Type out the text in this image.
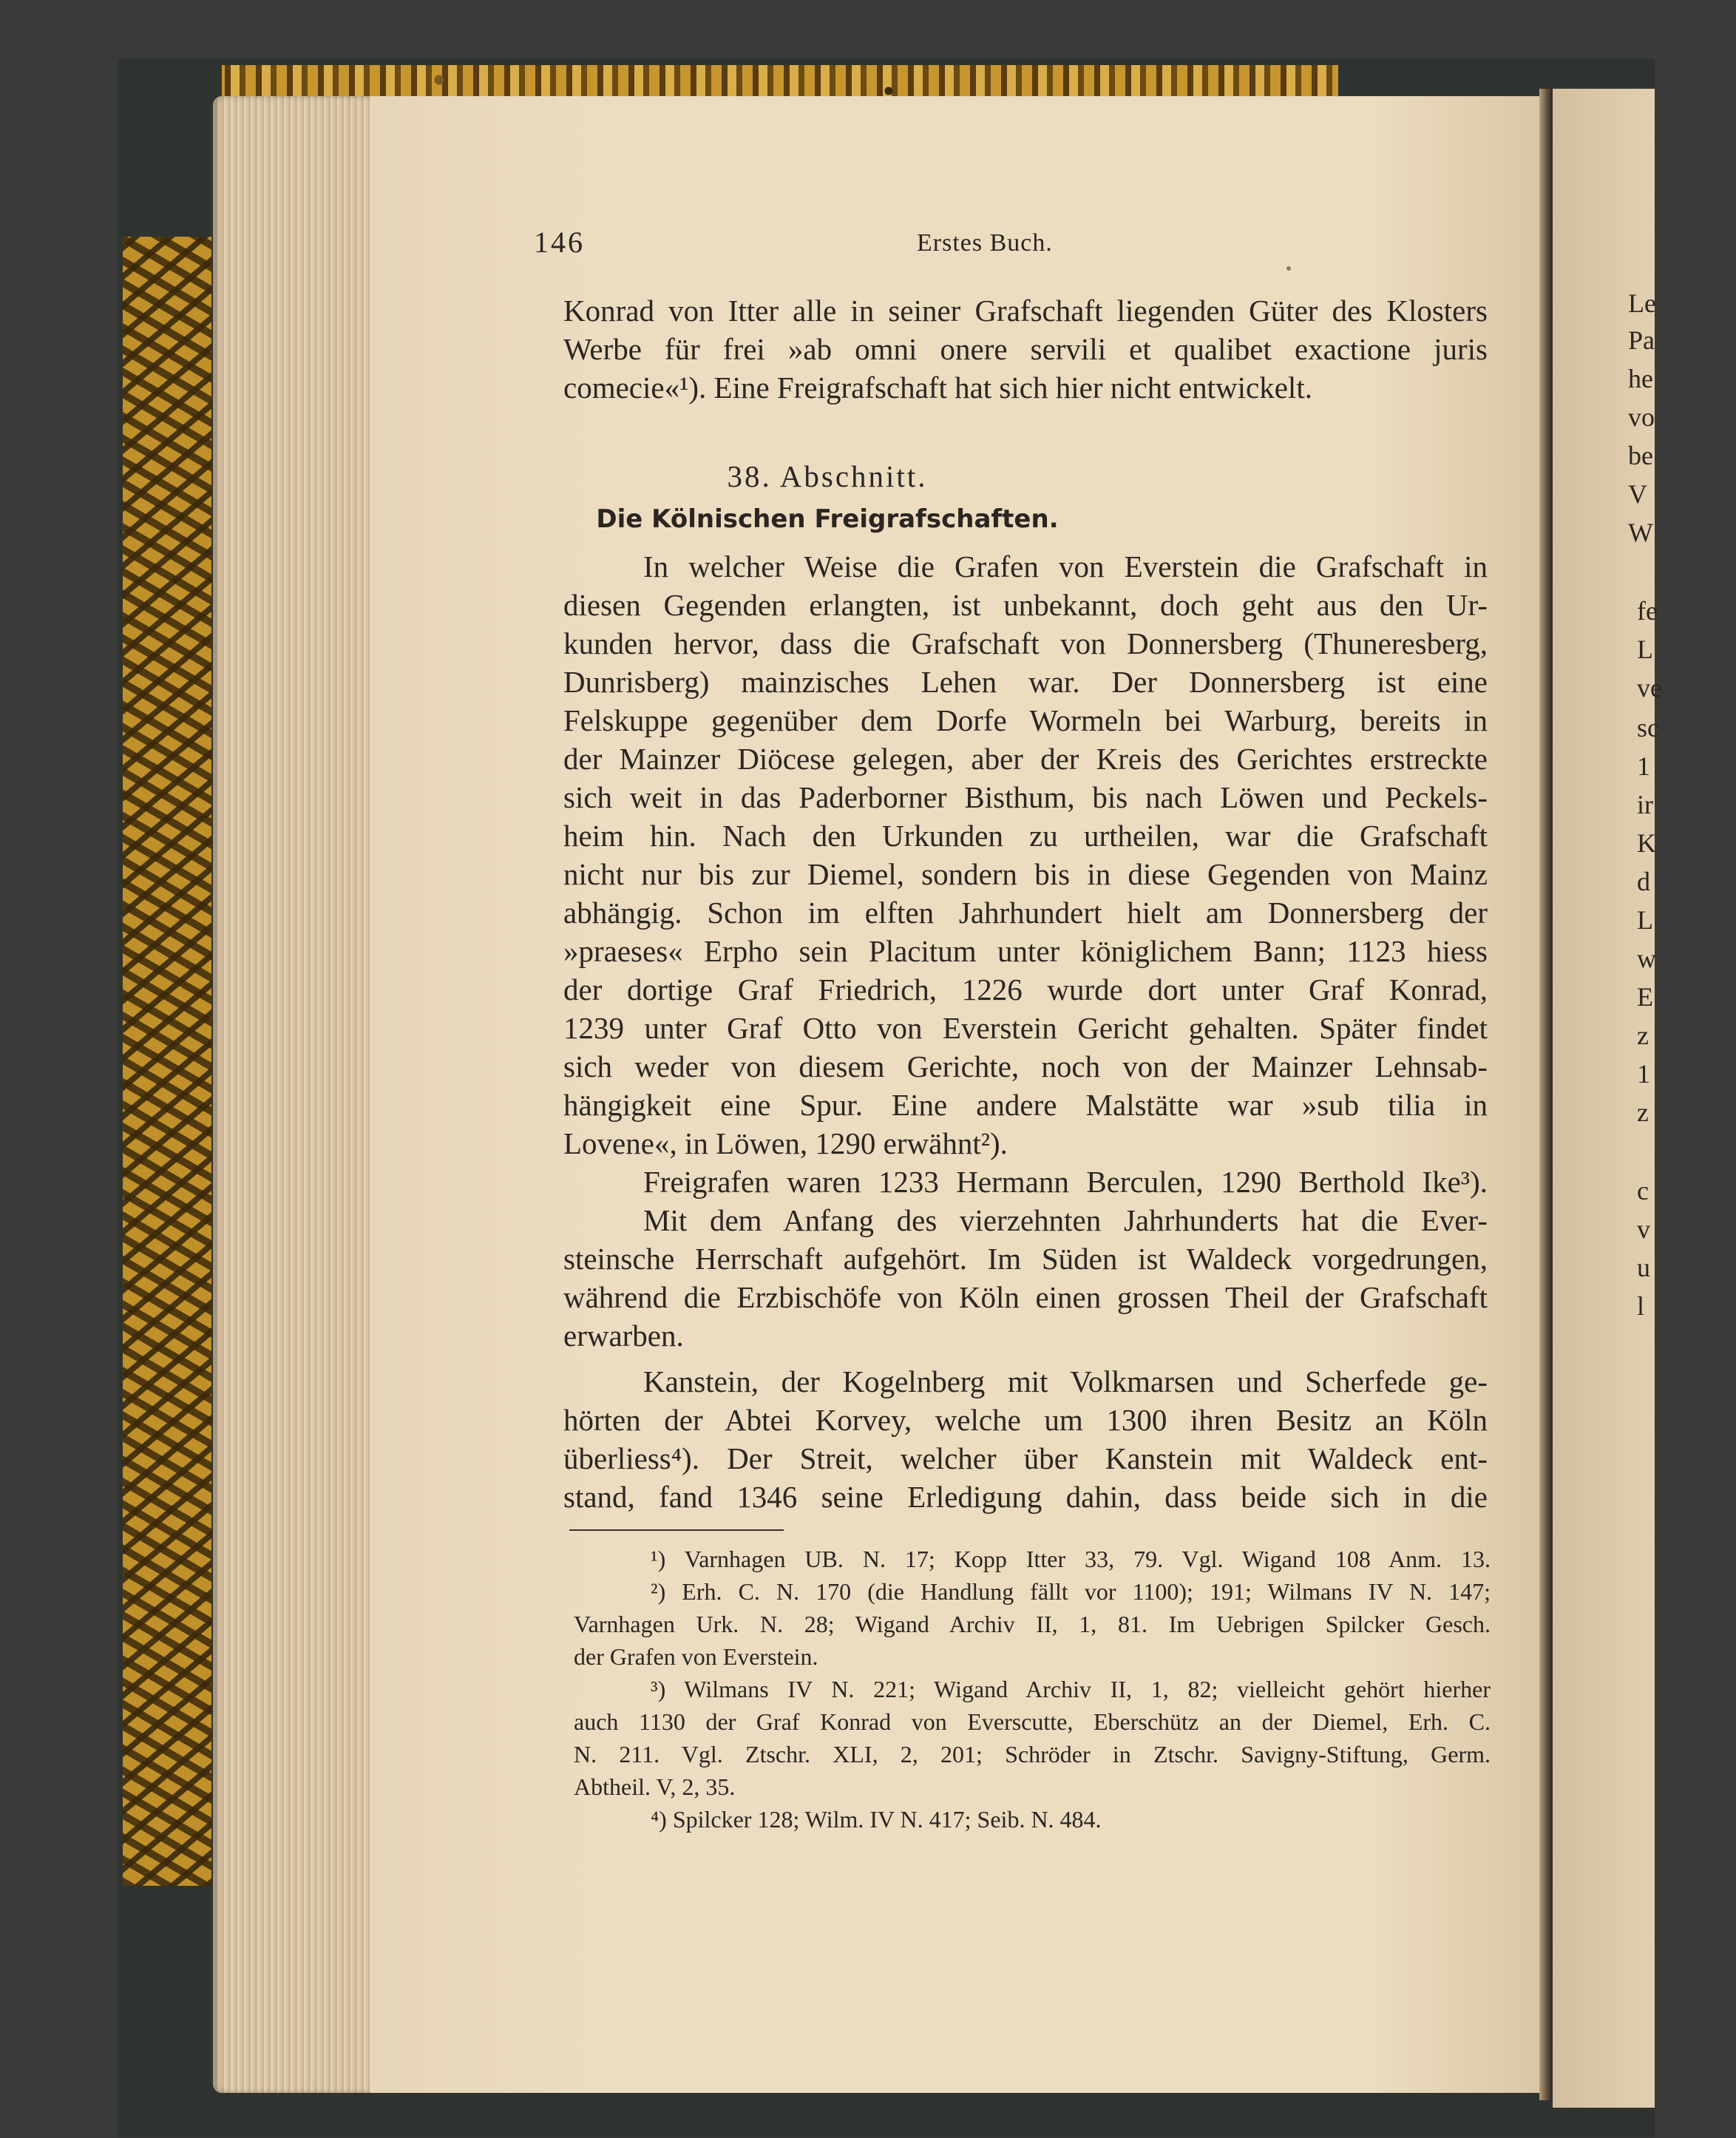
Le
Pa
he
vo
be
V
W
fe
L
ve
sc
1
ir
K
d
L
w
E
z
1
z
c
v
u
l
146	Erstes Buch.
Konrad von Itter alle in seiner Grafschaft liegenden Güter des Klosters
Werbe für frei »ab omni onere servili et qualibet exactione juris
comecie«¹). Eine Freigrafschaft hat sich hier nicht entwickelt.
38. Abschnitt.
Die Kölnischen Freigrafschaften.
In welcher Weise die Grafen von Everstein die Grafschaft in
diesen Gegenden erlangten, ist unbekannt, doch geht aus den Ur-
kunden hervor, dass die Grafschaft von Donnersberg (Thuneresberg,
Dunrisberg) mainzisches Lehen war. Der Donnersberg ist eine
Felskuppe gegenüber dem Dorfe Wormeln bei Warburg, bereits in
der Mainzer Diöcese gelegen, aber der Kreis des Gerichtes erstreckte
sich weit in das Paderborner Bisthum, bis nach Löwen und Peckels-
heim hin. Nach den Urkunden zu urtheilen, war die Grafschaft
nicht nur bis zur Diemel, sondern bis in diese Gegenden von Mainz
abhängig. Schon im elften Jahrhundert hielt am Donnersberg der
»praeses« Erpho sein Placitum unter königlichem Bann; 1123 hiess
der dortige Graf Friedrich, 1226 wurde dort unter Graf Konrad,
1239 unter Graf Otto von Everstein Gericht gehalten. Später findet
sich weder von diesem Gerichte, noch von der Mainzer Lehnsab-
hängigkeit eine Spur. Eine andere Malstätte war »sub tilia in
Lovene«, in Löwen, 1290 erwähnt²).
Freigrafen waren 1233 Hermann Berculen, 1290 Berthold Ike³).
Mit dem Anfang des vierzehnten Jahrhunderts hat die Ever-
steinsche Herrschaft aufgehört. Im Süden ist Waldeck vorgedrungen,
während die Erzbischöfe von Köln einen grossen Theil der Grafschaft
erwarben.
Kanstein, der Kogelnberg mit Volkmarsen und Scherfede ge-
hörten der Abtei Korvey, welche um 1300 ihren Besitz an Köln
überliess⁴). Der Streit, welcher über Kanstein mit Waldeck ent-
stand, fand 1346 seine Erledigung dahin, dass beide sich in die
¹) Varnhagen UB. N. 17; Kopp Itter 33, 79. Vgl. Wigand 108 Anm. 13.
²) Erh. C. N. 170 (die Handlung fällt vor 1100); 191; Wilmans IV N. 147;
Varnhagen Urk. N. 28; Wigand Archiv II, 1, 81. Im Uebrigen Spilcker Gesch.
der Grafen von Everstein.
³) Wilmans IV N. 221; Wigand Archiv II, 1, 82; vielleicht gehört hierher
auch 1130 der Graf Konrad von Everscutte, Eberschütz an der Diemel, Erh. C.
N. 211. Vgl. Ztschr. XLI, 2, 201; Schröder in Ztschr. Savigny-Stiftung, Germ.
Abtheil. V, 2, 35.
⁴) Spilcker 128; Wilm. IV N. 417; Seib. N. 484.
